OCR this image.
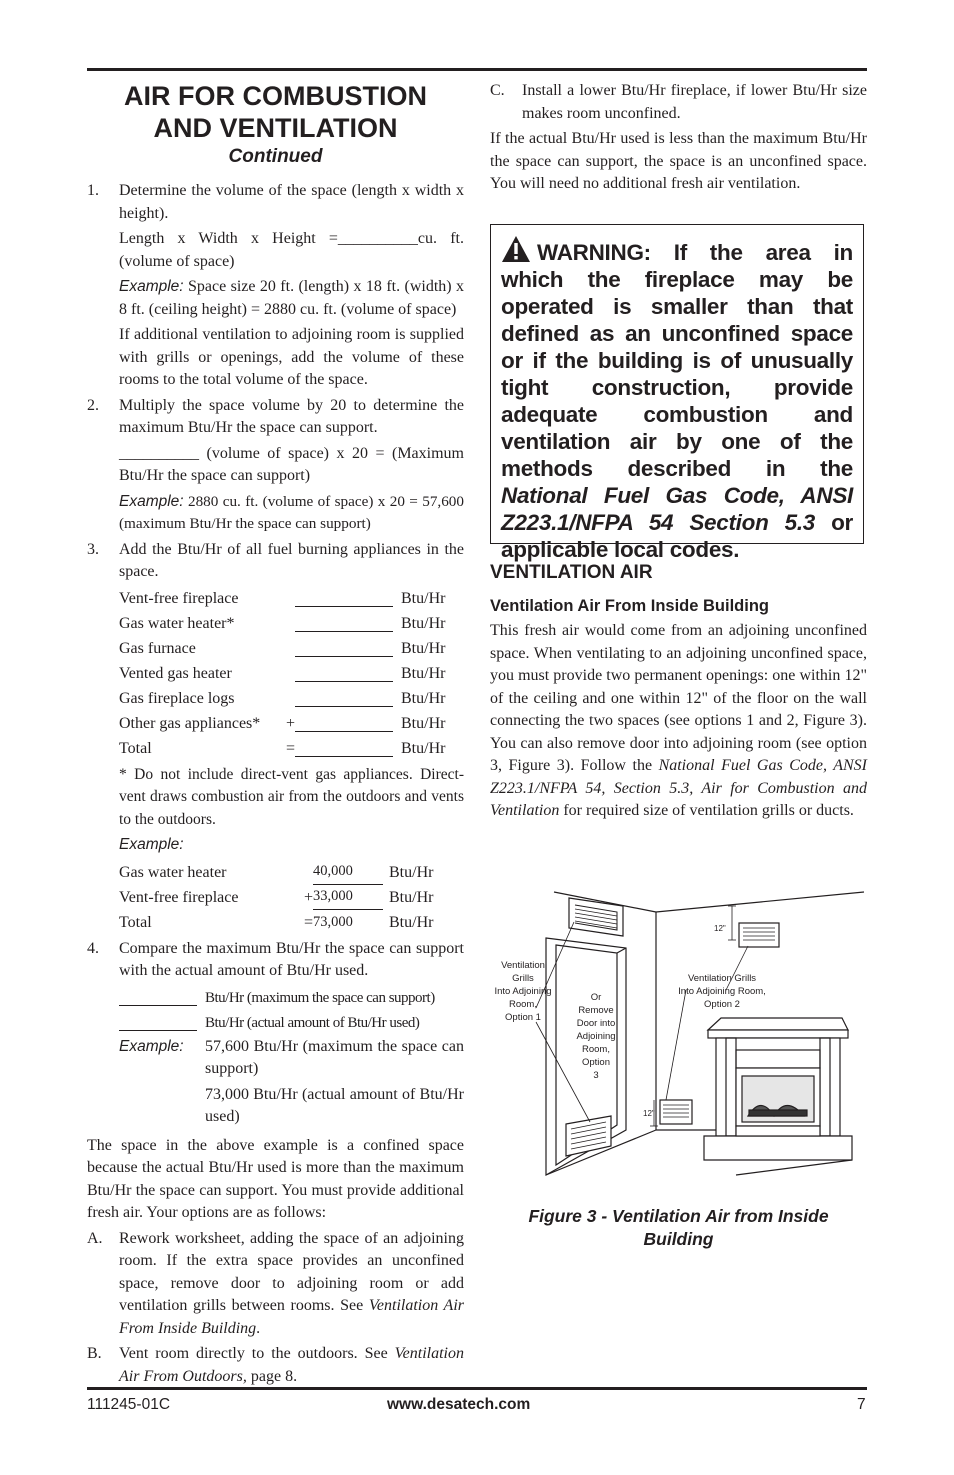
AIR FOR COMBUSTION
AND VENTILATION
Continued
1. Determine the volume of the space (length x width x height).

Length x Width x Height =__________cu. ft. (volume of space)

Example: Space size 20 ft. (length) x 18 ft. (width) x 8 ft. (ceiling height) = 2880 cu. ft. (volume of space)

If additional ventilation to adjoining room is supplied with grills or openings, add the volume of these rooms to the total volume of the space.

2. Multiply the space volume by 20 to determine the maximum Btu/Hr the space can support.

__________ (volume of space) x 20 = (Maximum Btu/Hr the space can support)

Example: 2880 cu. ft. (volume of space) x 20 = 57,600 (maximum Btu/Hr the space can support)

3. Add the Btu/Hr of all fuel burning appliances in the space.

Vent-free fireplace	Btu/Hr
Gas water heater*	Btu/Hr
Gas furnace	Btu/Hr
Vented gas heater	Btu/Hr
Gas fireplace logs	Btu/Hr
Other gas appliances*	+	Btu/Hr
Total	=	Btu/Hr

* Do not include direct-vent gas appliances. Direct-vent draws combustion air from the outdoors and vents to the outdoors.

Example:

Gas water heater	40,000 Btu/Hr
Vent-free fireplace	+ 33,000 Btu/Hr
Total	= 73,000 Btu/Hr
4. Compare the maximum Btu/Hr the space can support with the actual amount of Btu/Hr used.

Btu/Hr (maximum the space can support)
Btu/Hr (actual amount of Btu/Hr used)
Example:	57,600 Btu/Hr (maximum the space can support)

73,000 Btu/Hr (actual amount of Btu/Hr used)

The space in the above example is a confined space because the actual Btu/Hr used is more than the maximum Btu/Hr the space can support. You must provide additional fresh air. Your options are as follows:

A. Rework worksheet, adding the space of an adjoining room. If the extra space provides an unconfined space, remove door to adjoining room or add ventilation grills between rooms. See Ventilation Air From Inside Building.
B. Vent room directly to the outdoors. See Ventilation Air From Outdoors, page 8.
C. Install a lower Btu/Hr fireplace, if lower Btu/Hr size makes room unconfined.

If the actual Btu/Hr used is less than the maximum Btu/Hr the space can support, the space is an unconfined space. You will need no additional fresh air ventilation.

WARNING: If the area in which the fireplace may be operated is smaller than that defined as an unconfined space or if the building is of unusually tight construction, provide adequate combustion and ventilation air by one of the methods described in the National Fuel Gas Code, ANSI Z223.1/NFPA 54 Section 5.3 or applicable local codes.
VENTILATION AIR
Ventilation Air From Inside Building
This fresh air would come from an adjoining unconfined space. When ventilating to an adjoining unconfined space, you must provide two permanent openings: one within 12" of the ceiling and one within 12" of the floor on the wall connecting the two spaces (see options 1 and 2, Figure 3). You can also remove door into adjoining room (see option 3, Figure 3). Follow the National Fuel Gas Code, ANSI Z223.1/NFPA 54, Section 5.3, Air for Combustion and Ventilation for required size of ventilation grills or ducts.
12"
12"
Ventilation
Grills
Into Adjoining
Room,
Option 1
Or
Remove
Door into
Adjoining
Room,
Option
3
Ventilation Grills
Into Adjoining Room,
Option 2
Figure 3 - Ventilation Air from Inside
Building
111245-01C	www.desatech.com	7
